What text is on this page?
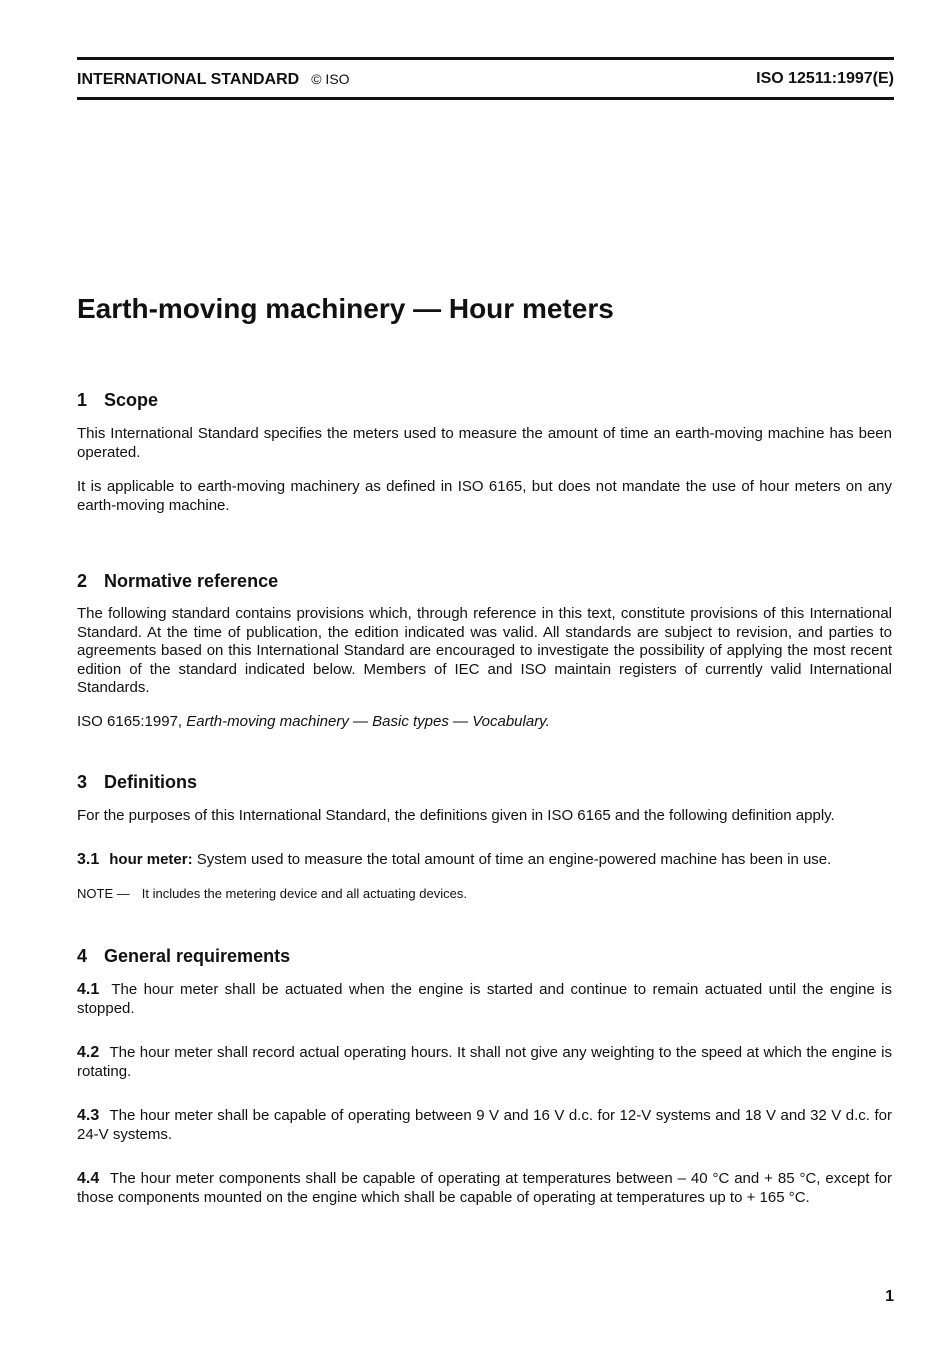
INTERNATIONAL STANDARD © ISO	ISO 12511:1997(E)
Earth-moving machinery — Hour meters
1 Scope

This International Standard specifies the meters used to measure the amount of time an earth-moving machine has been operated.

It is applicable to earth-moving machinery as defined in ISO 6165, but does not mandate the use of hour meters on any earth-moving machine.

2 Normative reference

The following standard contains provisions which, through reference in this text, constitute provisions of this International Standard. At the time of publication, the edition indicated was valid. All standards are subject to revision, and parties to agreements based on this International Standard are encouraged to investigate the possibility of applying the most recent edition of the standard indicated below. Members of IEC and ISO maintain registers of currently valid International Standards.

ISO 6165:1997, Earth-moving machinery — Basic types — Vocabulary.

3 Definitions

For the purposes of this International Standard, the definitions given in ISO 6165 and the following definition apply.

3.1 hour meter: System used to measure the total amount of time an engine-powered machine has been in use.

NOTE — It includes the metering device and all actuating devices.

4 General requirements

4.1 The hour meter shall be actuated when the engine is started and continue to remain actuated until the engine is stopped.

4.2 The hour meter shall record actual operating hours. It shall not give any weighting to the speed at which the engine is rotating.

4.3 The hour meter shall be capable of operating between 9 V and 16 V d.c. for 12-V systems and 18 V and 32 V d.c. for 24-V systems.

4.4 The hour meter components shall be capable of operating at temperatures between – 40 °C and + 85 °C, except for those components mounted on the engine which shall be capable of operating at temperatures up to + 165 °C.

1
